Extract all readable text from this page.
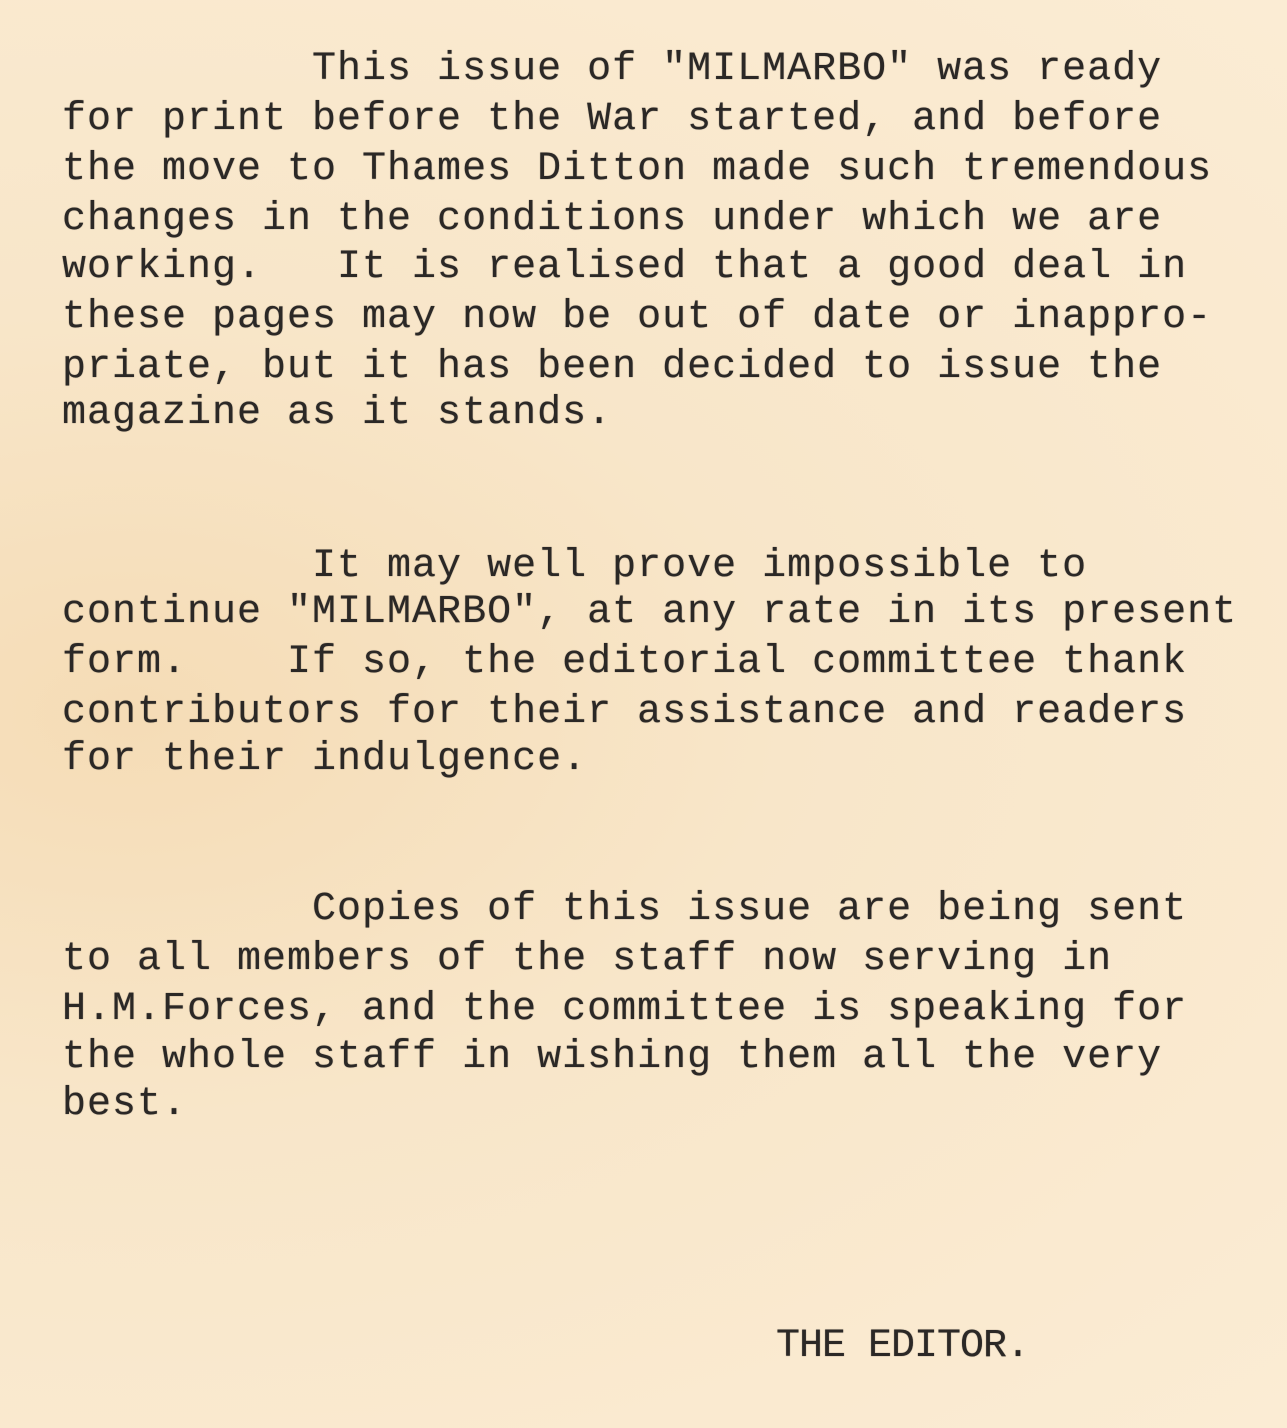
This issue of "MILMARBO" was ready
for print before the War started, and before
the move to Thames Ditton made such tremendous
changes in the conditions under which we are
working.   It is realised that a good deal in
these pages may now be out of date or inappro-
priate, but it has been decided to issue the
magazine as it stands.
It may well prove impossible to
continue "MILMARBO", at any rate in its present
form.    If so, the editorial committee thank
contributors for their assistance and readers
for their indulgence.
Copies of this issue are being sent
to all members of the staff now serving in
H.M.Forces, and the committee is speaking for
the whole staff in wishing them all the very
best.
THE EDITOR.
